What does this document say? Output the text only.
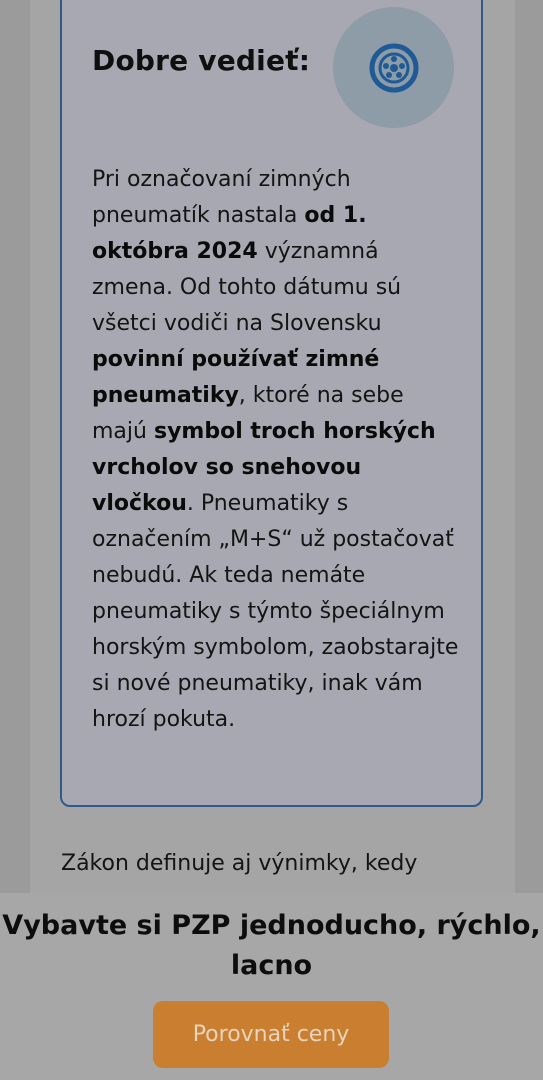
Dobre vedieť:

Pri označovaní zimných pneumatík nastala od 1. októbra 2024 významná zmena. Od tohto dátumu sú všetci vodiči na Slovensku povinní používať zimné pneumatiky, ktoré na sebe majú symbol troch horských vrcholov so snehovou vločkou. Pneumatiky s označením „M+S“ už postačovať nebudú. Ak teda nemáte pneumatiky s týmto špeciálnym horským symbolom, zaobstarajte si nové pneumatiky, inak vám hrozí pokuta.

Zákon definuje aj výnimky, kedy
Vybavte si PZP jednoducho, rýchlo, lacno
Porovnať ceny
